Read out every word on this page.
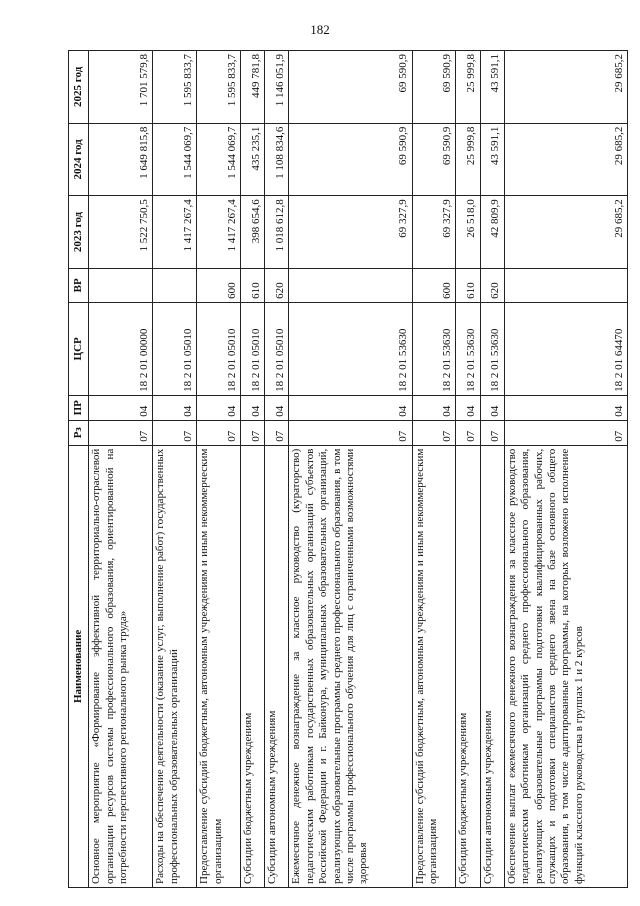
182
Наименование	Рз	ПР	ЦСР	ВР	2023 год	2024 год	2025 год
Основное мероприятие «Формирование эффективной территориально-отраслевой организации ресурсов системы профессионального образования, ориентированной на потребности перспективного регионального рынка труда»	07	04	18 2 01 00000		1 522 750,5	1 649 815,8	1 701 579,8
Расходы на обеспечение деятельности (оказание услуг, выполнение работ) государственных профессиональных образовательных организаций	07	04	18 2 01 05010		1 417 267,4	1 544 069,7	1 595 833,7
Предоставление субсидий бюджетным, автономным учреждениям и иным некоммерческим организациям	07	04	18 2 01 05010	600	1 417 267,4	1 544 069,7	1 595 833,7
Субсидии бюджетным учреждениям	07	04	18 2 01 05010	610	398 654,6	435 235,1	449 781,8
Субсидии автономным учреждениям	07	04	18 2 01 05010	620	1 018 612,8	1 108 834,6	1 146 051,9
Ежемесячное денежное вознаграждение за классное руководство (кураторство) педагогическим работникам государственных образовательных организаций субъектов Российской Федерации и г. Байконура, муниципальных образовательных организаций, реализующих образовательные программы среднего профессионального образования, в том числе программы профессионального обучения для лиц с ограниченными возможностями здоровья	07	04	18 2 01 53630		69 327,9	69 590,9	69 590,9
Предоставление субсидий бюджетным, автономным учреждениям и иным некоммерческим организациям	07	04	18 2 01 53630	600	69 327,9	69 590,9	69 590,9
Субсидии бюджетным учреждениям	07	04	18 2 01 53630	610	26 518,0	25 999,8	25 999,8
Субсидии автономным учреждениям	07	04	18 2 01 53630	620	42 809,9	43 591,1	43 591,1
Обеспечение выплат ежемесячного денежного вознаграждения за классное руководство педагогическим работникам организаций среднего профессионального образования, реализующих образовательные программы подготовки квалифицированных рабочих, служащих и подготовки специалистов среднего звена на базе основного общего образования, в том числе адаптированные программы, на которых возложено исполнение функций классного руководства в группах 1 и 2 курсов	07	04	18 2 01 64470		29 685,2	29 685,2	29 685,2
